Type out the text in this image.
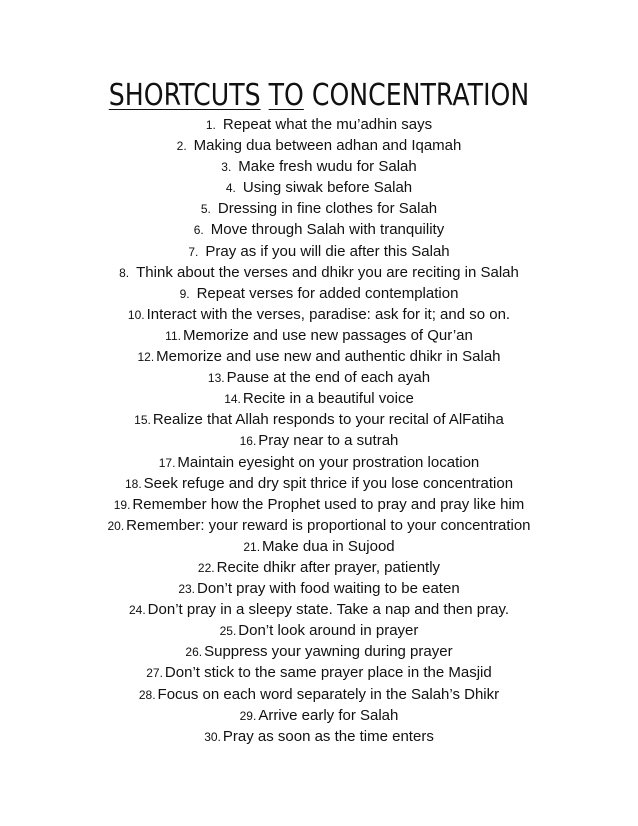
SHORTCUTS TO CONCENTRATION
1. Repeat what the mu’adhin says
2. Making dua between adhan and Iqamah
3. Make fresh wudu for Salah
4. Using siwak before Salah
5. Dressing in fine clothes for Salah
6. Move through Salah with tranquility
7. Pray as if you will die after this Salah
8. Think about the verses and dhikr you are reciting in Salah
9. Repeat verses for added contemplation
10. Interact with the verses, paradise: ask for it; and so on.
11. Memorize and use new passages of Qur’an
12. Memorize and use new and authentic dhikr in Salah
13. Pause at the end of each ayah
14. Recite in a beautiful voice
15. Realize that Allah responds to your recital of AlFatiha
16. Pray near to a sutrah
17. Maintain eyesight on your prostration location
18. Seek refuge and dry spit thrice if you lose concentration
19. Remember how the Prophet used to pray and pray like him
20. Remember: your reward is proportional to your concentration
21. Make dua in Sujood
22. Recite dhikr after prayer, patiently
23. Don’t pray with food waiting to be eaten
24. Don’t pray in a sleepy state. Take a nap and then pray.
25. Don’t look around in prayer
26. Suppress your yawning during prayer
27. Don’t stick to the same prayer place in the Masjid
28. Focus on each word separately in the Salah’s Dhikr
29. Arrive early for Salah
30. Pray as soon as the time enters
